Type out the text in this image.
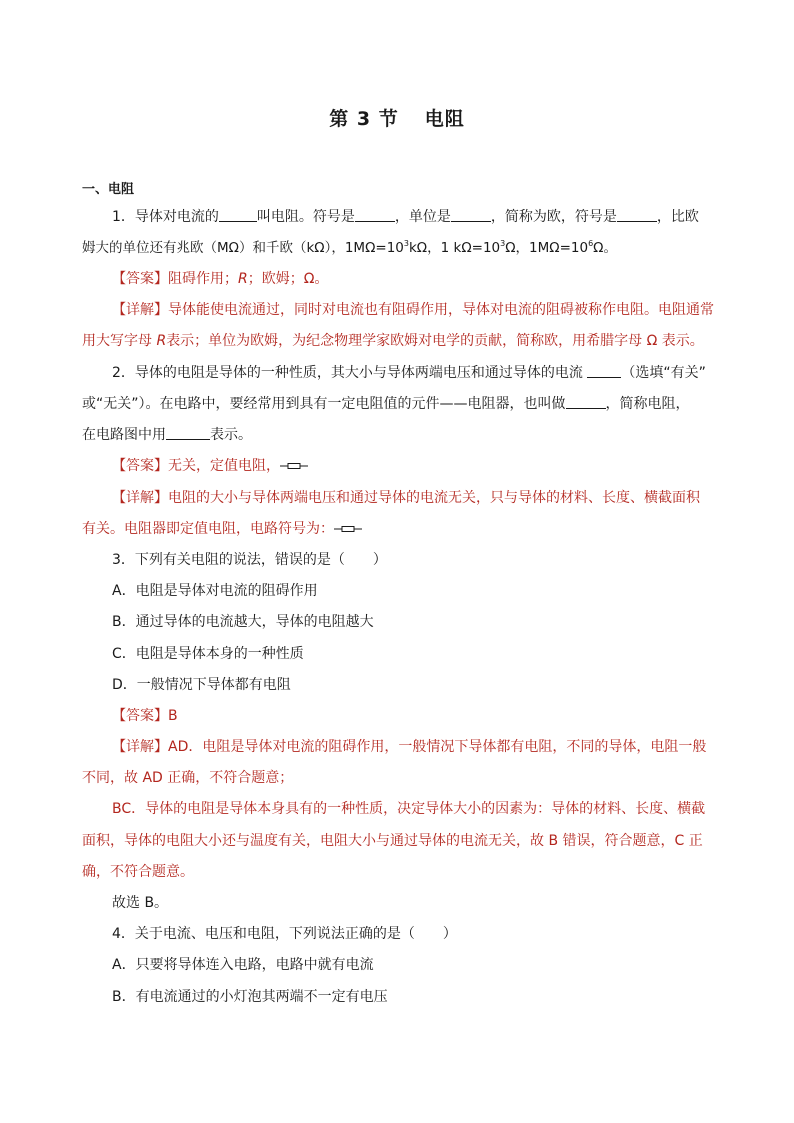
第 3 节 电阻
一、电阻
1．导体对电流的	叫电阻。符号是	，单位是	，简称为欧，符号是	，比欧
姆大的单位还有兆欧（MΩ）和千欧（kΩ），$1M\Omega=10^3k\Omega$，1 $k\Omega=10^3\Omega$，$1M\Omega=10^6\Omega$。
【答案】阻碍作用；R；欧姆；Ω。
【详解】导体能使电流通过，同时对电流也有阻碍作用，导体对电流的阻碍被称作电阻。电阻通常
用大写字母 R表示；单位为欧姆，为纪念物理学家欧姆对电学的贡献，简称欧，用希腊字母 Ω 表示。
2．导体的电阻是导体的一种性质，其大小与导体两端电压和通过导体的电流	（选填“有关”
或“无关”）。在电路中，要经常用到具有一定电阻值的元件——电阻器，也叫做	，简称电阻，
在电路图中用	表示。
【答案】无关，定值电阻，
【详解】电阻的大小与导体两端电压和通过导体的电流无关，只与导体的材料、长度、横截面积
有关。电阻器即定值电阻，电路符号为：
3．下列有关电阻的说法，错误的是（　　）
A．电阻是导体对电流的阻碍作用
B．通过导体的电流越大，导体的电阻越大
C．电阻是导体本身的一种性质
D．一般情况下导体都有电阻
【答案】B
【详解】AD．电阻是导体对电流的阻碍作用，一般情况下导体都有电阻，不同的导体，电阻一般
不同，故 AD 正确，不符合题意；
BC．导体的电阻是导体本身具有的一种性质，决定导体大小的因素为：导体的材料、长度、横截
面积，导体的电阻大小还与温度有关，电阻大小与通过导体的电流无关，故 B 错误，符合题意，C 正
确，不符合题意。
故选 B。
4．关于电流、电压和电阻，下列说法正确的是（　　）
A．只要将导体连入电路，电路中就有电流
B．有电流通过的小灯泡其两端不一定有电压
